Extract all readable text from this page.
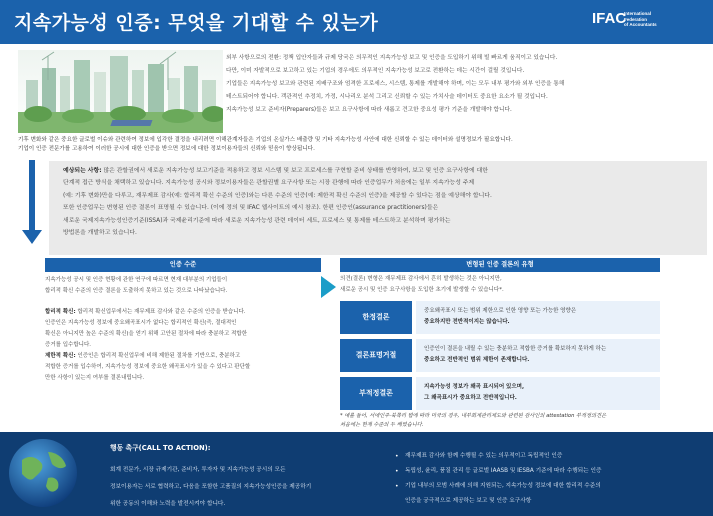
지속가능성 인증: 무엇을 기대할 수 있는가	IFAC
International
Federation
of Accountants

외부 사항으로의 전환: 정책 입안자들과 규제 당국은 의무적인 지속가능성 보고 및 인증을 도입하기 위해 빌 빠르게 움직이고 있습니다.

다만, 이미 자발적으로 보고하고 있는 기업의 경우에도 의무적인 지속가능성 보고로 전환하는 데는 시간이 걸릴 것입니다.

기업들은 지속가능성 보고와 관련된 지배구조와 엄격한 프로세스, 시스템, 통제를 개발해야 하며, 이는 모두 내부 평가와 외부 인증을 통해

테스트되어야 합니다. 객관적인 추정치, 가정, 시나리오 분석 그리고 신뢰할 수 있는 가치사슬 데이터도 중요한 요소가 될 것입니다.

지속가능성 보고 준비자(Preparers)들은 보고 요구사항에 따라 새롭고 견고한 중요성 평가 기준을 개발해야 합니다.

기후 변화와 같은 중요한 글로벌 이슈와 관련하여 정보에 입각한 결정을 내리려면 이해관계자들은 기업의 온실가스 배출량 및 기타 지속가능성 사안에 대한 신뢰할 수 있는 데이터와 설명정보가 필요합니다.

기업이 인증 전문가를 고용하여 이러한 공시에 대한 인증을 받으면 정보에 대한 정보이용자들의 신뢰와 믿음이 향상됩니다.

예상되는 사항: 많은 관할권에서 새로운 지속가능성 보고기준을 적용하고 정보 시스템 및 보고 프로세스를 구현할 준비 상태를 반영하여, 보고 및 인증 요구사항에 대한

단계적 접근 방식을 채택하고 있습니다. 지속가능성 공시와 정보이용자들은 관할권별 요구사항 또는 시장 관행에 따라 인증업무가 처음에는 일부 지속가능성 주제

(예: 기후 변화)만을 다루고, 재무제표 감사(예: 합리적 확신 수준의 인증)와는 다른 수준의 인증(예: 제한적 확신 수준의 인증)을 제공할 수 있다는 점을 예상해야 합니다.

또한 인증업무는 변형된 인증 결론이 표명될 수 있습니다. (이에 정의 및 IFAC 웹사이트의 예시 참조). 한편 인증인(assurance practitioners)들은

새로운 국제지속가능성인증기준(ISSA)과 국제윤리기준에 따라 새로운 지속가능성 관련 데이터 세트, 프로세스 및 통제를 테스트하고 분석하며 평가하는

방법론을 개발하고 있습니다.

인증 수준
지속가능성 공시 및 인증 현황에 관한 연구에 따르면 현재 대부분의 기업들이
합리적 확신 수준의 인증 결론을 도출하지 못하고 있는 것으로 나타났습니다.
합리적 확신: 합리적 확신업무에서는 재무제표 감사와 같은 수준의 인증을 받습니다.
인증인은 지속가능성 정보에 중요왜곡표시가 없다는 합리적인 확신(즉, 절대적인
확신은 아니지만 높은 수준의 확신)을 얻기 위해 고안된 절차에 따라 충분하고 적합한
증거를 입수합니다.
제한적 확신: 인증인은 합리적 확신업무에 비해 제한된 절차를 기반으로, 충분하고
적합한 증거를 입수하여, 지속가능성 정보에 중요한 왜곡표시가 있을 수 있다고 판단할
만한 사항이 있는지 여부를 결론내립니다.
변형된 인증 결론의 유형
의견(결론) 변형은 재무제표 감사에서 흔히 발생하는 것은 아니지만,
새로운 공시 및 인증 요구사항을 도입한 초기에 발생할 수 있습니다*.
한정결론
중요왜곡표시 또는 범위 제한으로 인한 영향 또는 가능한 영향은
중요하지만 전반적이지는 않습니다.
결론표명거절
인증인이 결론을 내릴 수 있는 충분하고 적합한 증거를 확보하지 못하게 하는
중요하고 전반적인 범위 제한이 존재합니다.
부적정결론
지속가능성 정보가 왜곡 표시되어 있으며,
그 왜곡표시가 중요하고 전반적입니다.

* 예를 들어, 서에인주·북쪽리 법에 따라 미국의 경우, 내부회계관리제도와 관련된 감사인의 attestation 부적정의견은

처음에는 현재 수준의 두 배였습니다.

행동 촉구(CALL TO ACTION):

회계 전문가, 시장 규제기관, 준비자, 투자자 및 지속가능성 공시의 모든

정보이용자는 서로 협력하고, 다음을 포함한 고품질의 지속가능성인증을 제공하기

위한 공동의 이해와 노력을 발전시켜야 합니다.

• 재무제표 감사와 함께 수행될 수 있는 의무적이고 독립적인 인증
• 독립성, 윤리, 품질 관리 등 글로벌 IAASB 및 IESBA 기준에 따라 수행되는 인증
• 기업 내부의 모범 사례에 의해 지원되는, 지속가능성 정보에 대한 합리적 수준의
인증을 궁극적으로 제공하는 보고 및 인증 요구사항
